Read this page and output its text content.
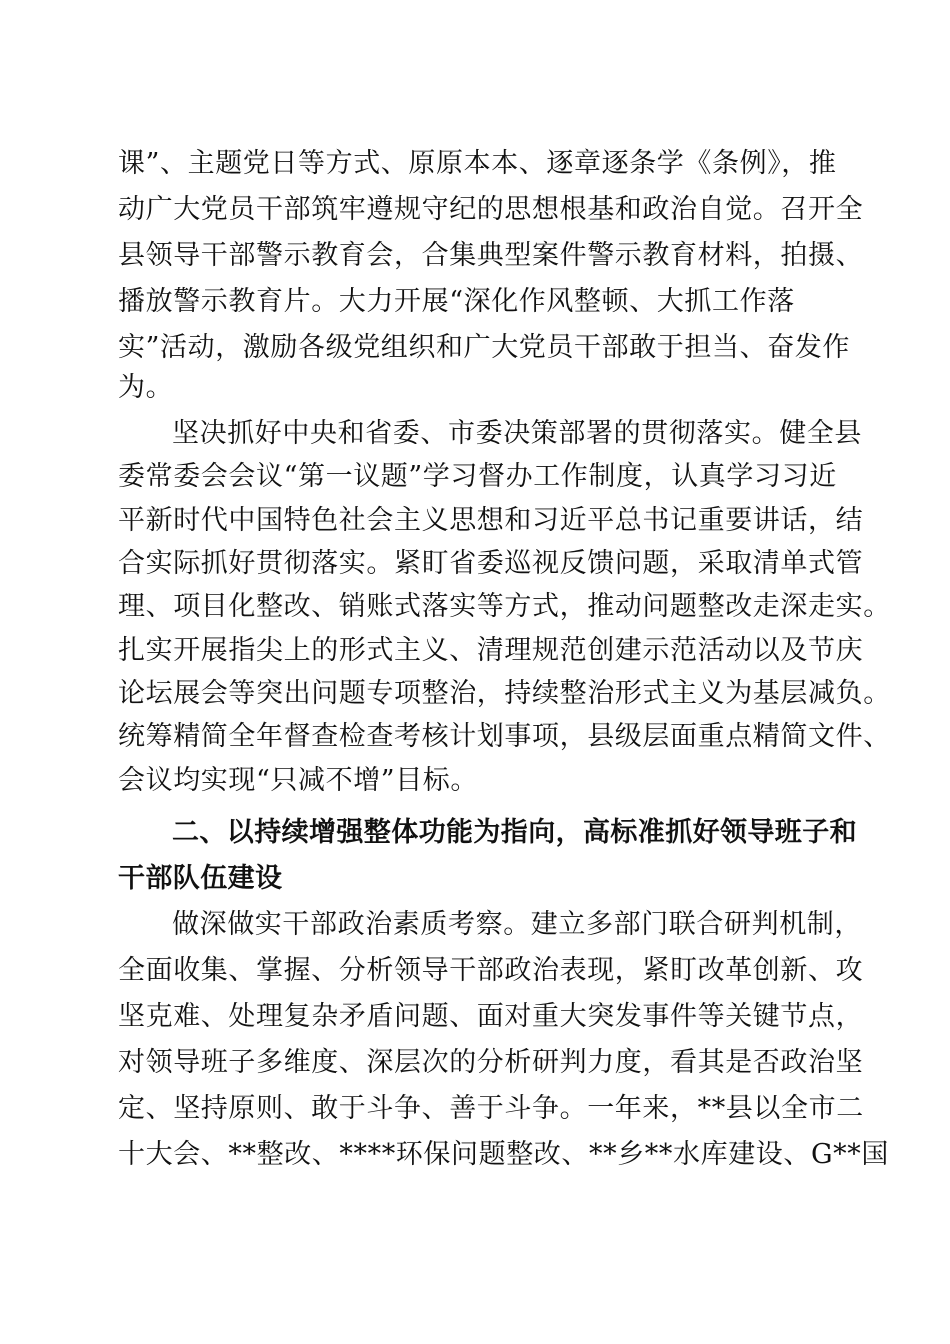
课”、主题党日等方式、原原本本、逐章逐条学《条例》，推
动广大党员干部筑牢遵规守纪的思想根基和政治自觉。召开全
县领导干部警示教育会，合集典型案件警示教育材料，拍摄、
播放警示教育片。大力开展“深化作风整顿、大抓工作落
实”活动，激励各级党组织和广大党员干部敢于担当、奋发作
为。
坚决抓好中央和省委、市委决策部署的贯彻落实。健全县
委常委会会议“第一议题”学习督办工作制度，认真学习习近
平新时代中国特色社会主义思想和习近平总书记重要讲话，结
合实际抓好贯彻落实。紧盯省委巡视反馈问题，采取清单式管
理、项目化整改、销账式落实等方式，推动问题整改走深走实。
扎实开展指尖上的形式主义、清理规范创建示范活动以及节庆
论坛展会等突出问题专项整治，持续整治形式主义为基层减负。
统筹精简全年督查检查考核计划事项，县级层面重点精简文件、
会议均实现“只减不增”目标。
二、以持续增强整体功能为指向，高标准抓好领导班子和
干部队伍建设
做深做实干部政治素质考察。建立多部门联合研判机制，
全面收集、掌握、分析领导干部政治表现，紧盯改革创新、攻
坚克难、处理复杂矛盾问题、面对重大突发事件等关键节点，
对领导班子多维度、深层次的分析研判力度，看其是否政治坚
定、坚持原则、敢于斗争、善于斗争。一年来，**县以全市二
十大会、**整改、****环保问题整改、**乡**水库建设、G**国
